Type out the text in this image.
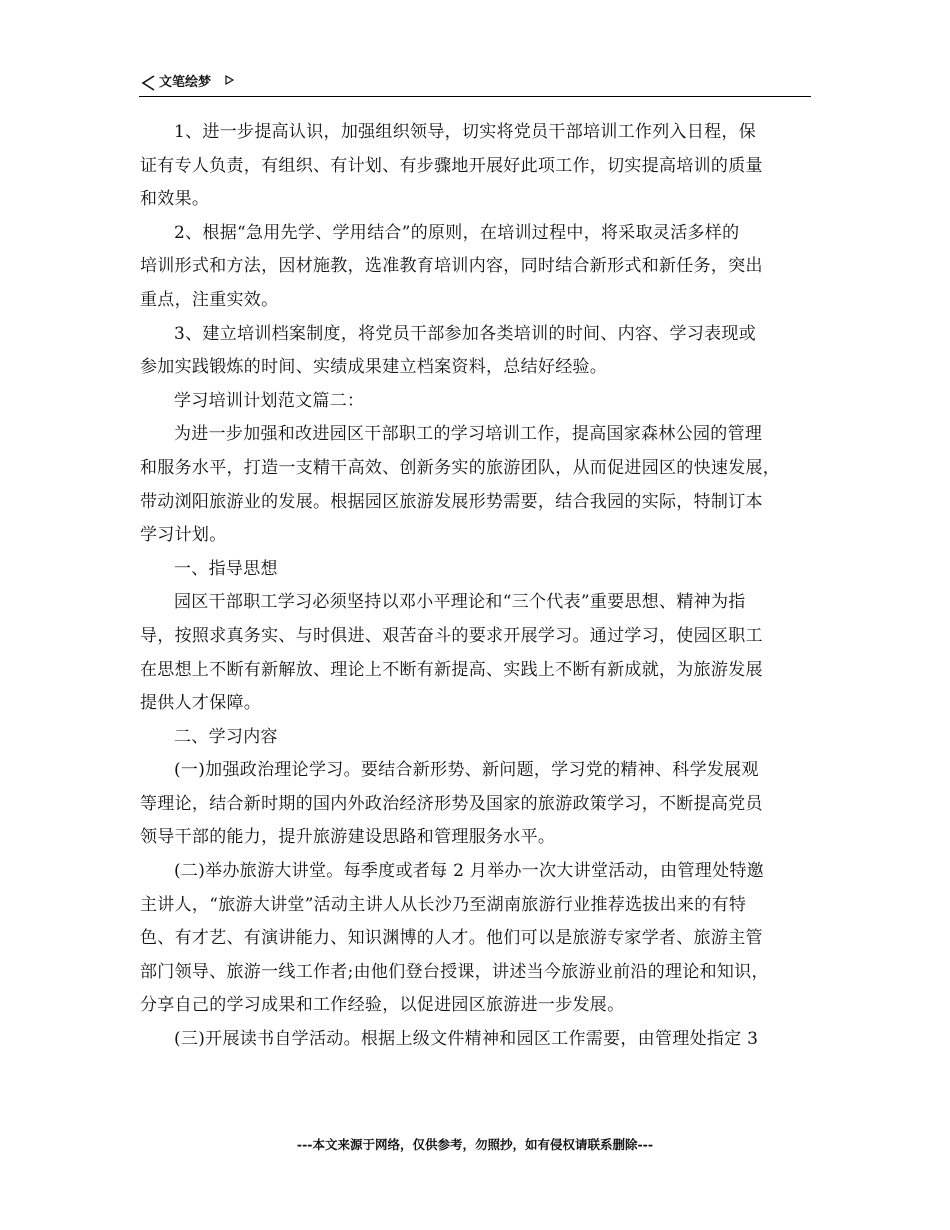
文笔绘梦

1、进一步提高认识，加强组织领导，切实将党员干部培训工作列入日程，保
证有专人负责，有组织、有计划、有步骤地开展好此项工作，切实提高培训的质量
和效果。

2、根据“急用先学、学用结合”的原则，在培训过程中，将采取灵活多样的
培训形式和方法，因材施教，选准教育培训内容，同时结合新形式和新任务，突出
重点，注重实效。

3、建立培训档案制度，将党员干部参加各类培训的时间、内容、学习表现或
参加实践锻炼的时间、实绩成果建立档案资料，总结好经验。

学习培训计划范文篇二：

为进一步加强和改进园区干部职工的学习培训工作，提高国家森林公园的管理
和服务水平，打造一支精干高效、创新务实的旅游团队，从而促进园区的快速发展，
带动浏阳旅游业的发展。根据园区旅游发展形势需要，结合我园的实际，特制订本
学习计划。

一、指导思想

园区干部职工学习必须坚持以邓小平理论和“三个代表”重要思想、精神为指
导，按照求真务实、与时俱进、艰苦奋斗的要求开展学习。通过学习，使园区职工
在思想上不断有新解放、理论上不断有新提高、实践上不断有新成就，为旅游发展
提供人才保障。

二、学习内容

(一)加强政治理论学习。要结合新形势、新问题，学习党的精神、科学发展观
等理论，结合新时期的国内外政治经济形势及国家的旅游政策学习，不断提高党员
领导干部的能力，提升旅游建设思路和管理服务水平。

(二)举办旅游大讲堂。每季度或者每 2 月举办一次大讲堂活动，由管理处特邀
主讲人，“旅游大讲堂”活动主讲人从长沙乃至湖南旅游行业推荐选拔出来的有特
色、有才艺、有演讲能力、知识渊博的人才。他们可以是旅游专家学者、旅游主管
部门领导、旅游一线工作者;由他们登台授课，讲述当今旅游业前沿的理论和知识，
分享自己的学习成果和工作经验，以促进园区旅游进一步发展。

(三)开展读书自学活动。根据上级文件精神和园区工作需要，由管理处指定 3

---本文来源于网络，仅供参考，勿照抄，如有侵权请联系删除---
